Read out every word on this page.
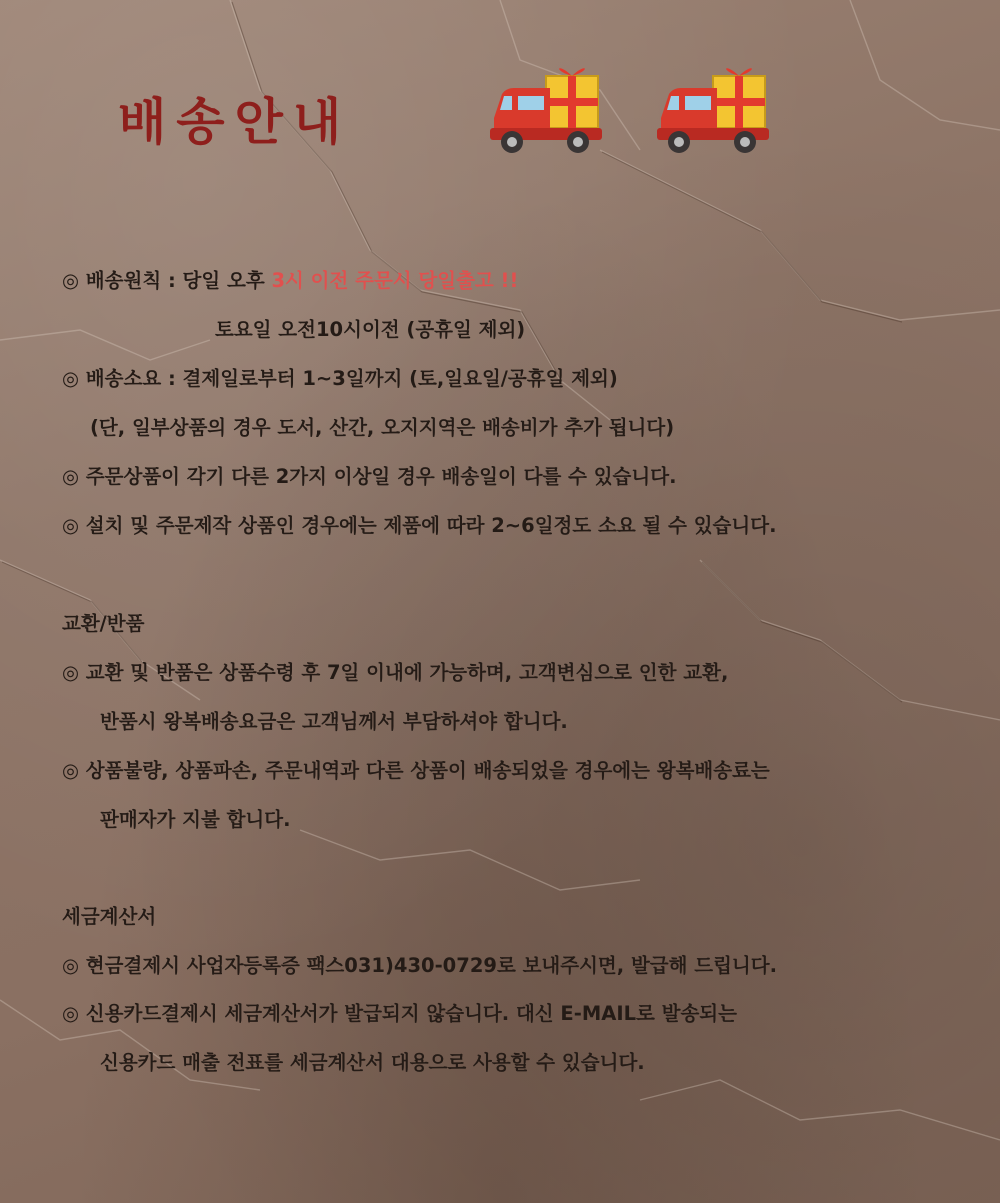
배송안내
◎ 배송원칙 : 당일 오후 3시 이전 주문시 당일출고 !!
토요일 오전10시이전 (공휴일 제외)
◎ 배송소요 : 결제일로부터 1~3일까지 (토,일요일/공휴일 제외)
(단, 일부상품의 경우 도서, 산간, 오지지역은 배송비가 추가 됩니다)
◎ 주문상품이 각기 다른 2가지 이상일 경우 배송일이 다를 수 있습니다.
◎ 설치 및 주문제작 상품인 경우에는 제품에 따라 2~6일정도 소요 될 수 있습니다.
교환/반품
◎ 교환 및 반품은 상품수령 후 7일 이내에 가능하며, 고객변심으로 인한 교환,
반품시 왕복배송요금은 고객님께서 부담하셔야 합니다.
◎ 상품불량, 상품파손, 주문내역과 다른 상품이 배송되었을 경우에는 왕복배송료는
판매자가 지불 합니다.
세금계산서
◎ 현금결제시 사업자등록증 팩스031)430-0729로 보내주시면, 발급해 드립니다.
◎ 신용카드결제시 세금계산서가 발급되지 않습니다. 대신 E-MAIL로 발송되는
신용카드 매출 전표를 세금계산서 대용으로 사용할 수 있습니다.
